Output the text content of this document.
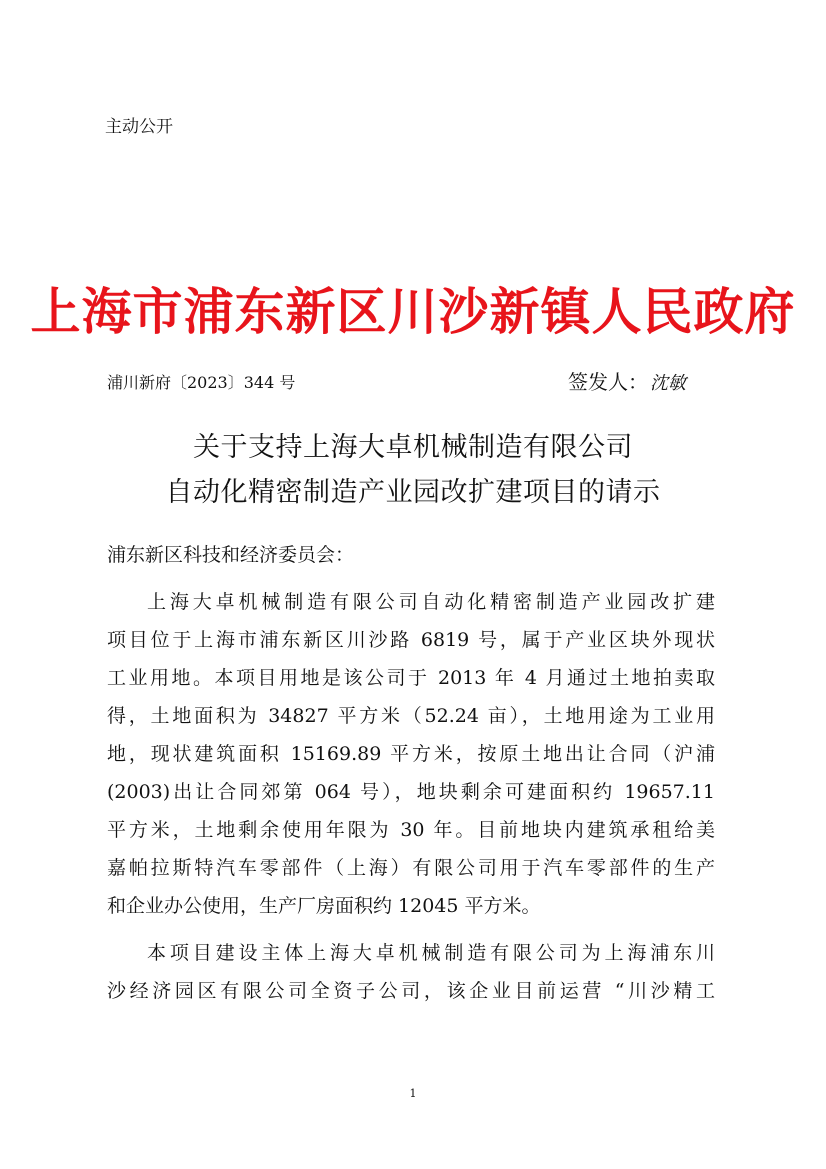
主动公开
上海市浦东新区川沙新镇人民政府
浦川新府〔2023〕344 号	签发人： 沈敏
关于支持上海大卓机械制造有限公司
自动化精密制造产业园改扩建项目的请示
浦东新区科技和经济委员会：
上海大卓机械制造有限公司自动化精密制造产业园改扩建
项目位于上海市浦东新区川沙路 6819 号，属于产业区块外现状
工业用地。本项目用地是该公司于 2013 年 4 月通过土地拍卖取
得，土地面积为 34827 平方米（52.24 亩），土地用途为工业用
地，现状建筑面积 15169.89 平方米，按原土地出让合同（沪浦
(2003)出让合同郊第 064 号），地块剩余可建面积约 19657.11
平方米，土地剩余使用年限为 30 年。目前地块内建筑承租给美
嘉帕拉斯特汽车零部件（上海）有限公司用于汽车零部件的生产
和企业办公使用，生产厂房面积约 12045 平方米。
本项目建设主体上海大卓机械制造有限公司为上海浦东川
沙经济园区有限公司全资子公司，该企业目前运营 “川沙精工
1
